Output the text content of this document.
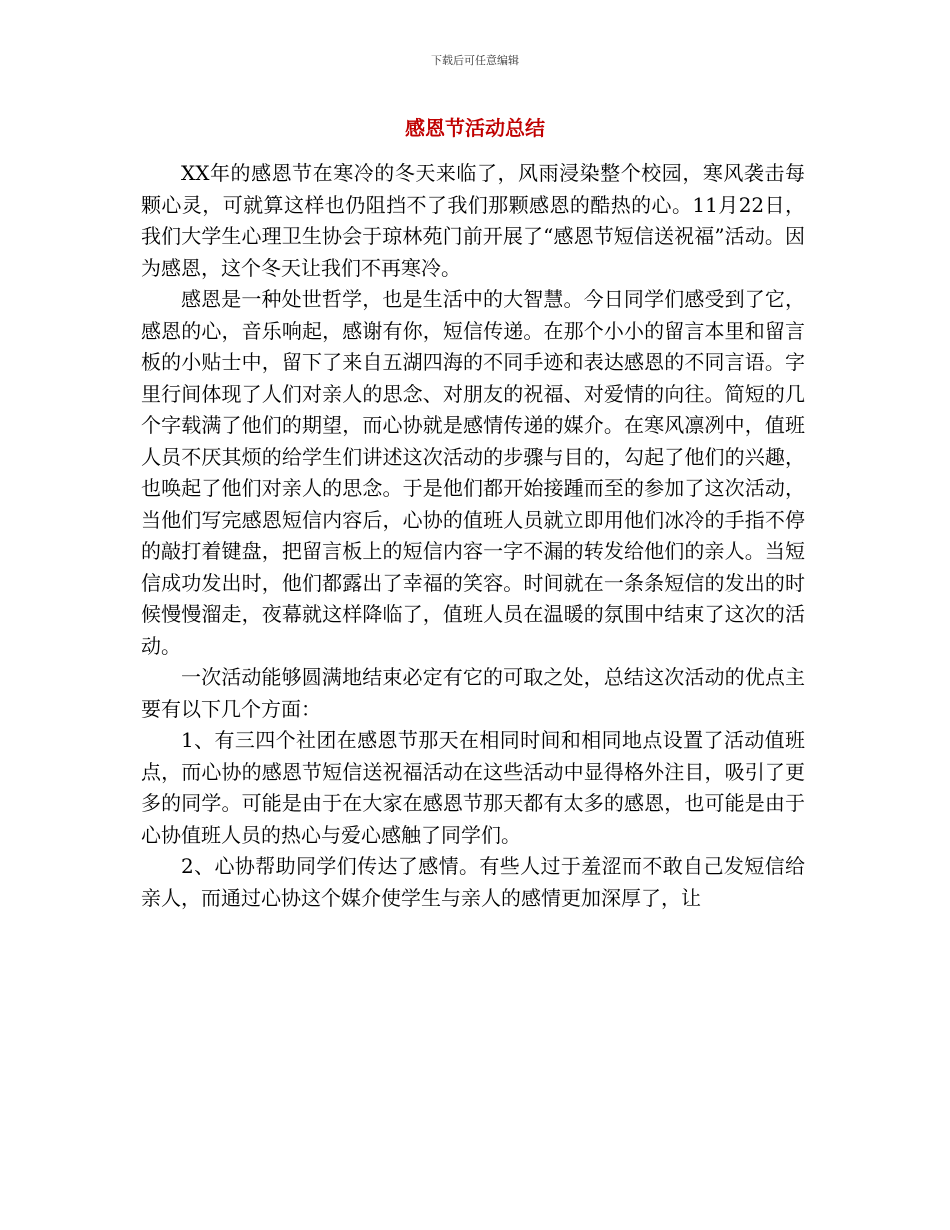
下载后可任意编辑
感恩节活动总结

XX年的感恩节在寒冷的冬天来临了，风雨浸染整个校园，寒风袭击每颗心灵，可就算这样也仍阻挡不了我们那颗感恩的酷热的心。11月22日，我们大学生心理卫生协会于琼林苑门前开展了“感恩节短信送祝福”活动。因为感恩，这个冬天让我们不再寒冷。

感恩是一种处世哲学，也是生活中的大智慧。今日同学们感受到了它，感恩的心，音乐响起，感谢有你，短信传递。在那个小小的留言本里和留言板的小贴士中，留下了来自五湖四海的不同手迹和表达感恩的不同言语。字里行间体现了人们对亲人的思念、对朋友的祝福、对爱情的向往。简短的几个字载满了他们的期望，而心协就是感情传递的媒介。在寒风凛冽中，值班人员不厌其烦的给学生们讲述这次活动的步骤与目的，勾起了他们的兴趣，也唤起了他们对亲人的思念。于是他们都开始接踵而至的参加了这次活动，当他们写完感恩短信内容后，心协的值班人员就立即用他们冰冷的手指不停的敲打着键盘，把留言板上的短信内容一字不漏的转发给他们的亲人。当短信成功发出时，他们都露出了幸福的笑容。时间就在一条条短信的发出的时候慢慢溜走，夜幕就这样降临了，值班人员在温暖的氛围中结束了这次的活动。

一次活动能够圆满地结束必定有它的可取之处，总结这次活动的优点主要有以下几个方面：

1、有三四个社团在感恩节那天在相同时间和相同地点设置了活动值班点，而心协的感恩节短信送祝福活动在这些活动中显得格外注目，吸引了更多的同学。可能是由于在大家在感恩节那天都有太多的感恩，也可能是由于心协值班人员的热心与爱心感触了同学们。

2、心协帮助同学们传达了感情。有些人过于羞涩而不敢自己发短信给亲人，而通过心协这个媒介使学生与亲人的感情更加深厚了，让
